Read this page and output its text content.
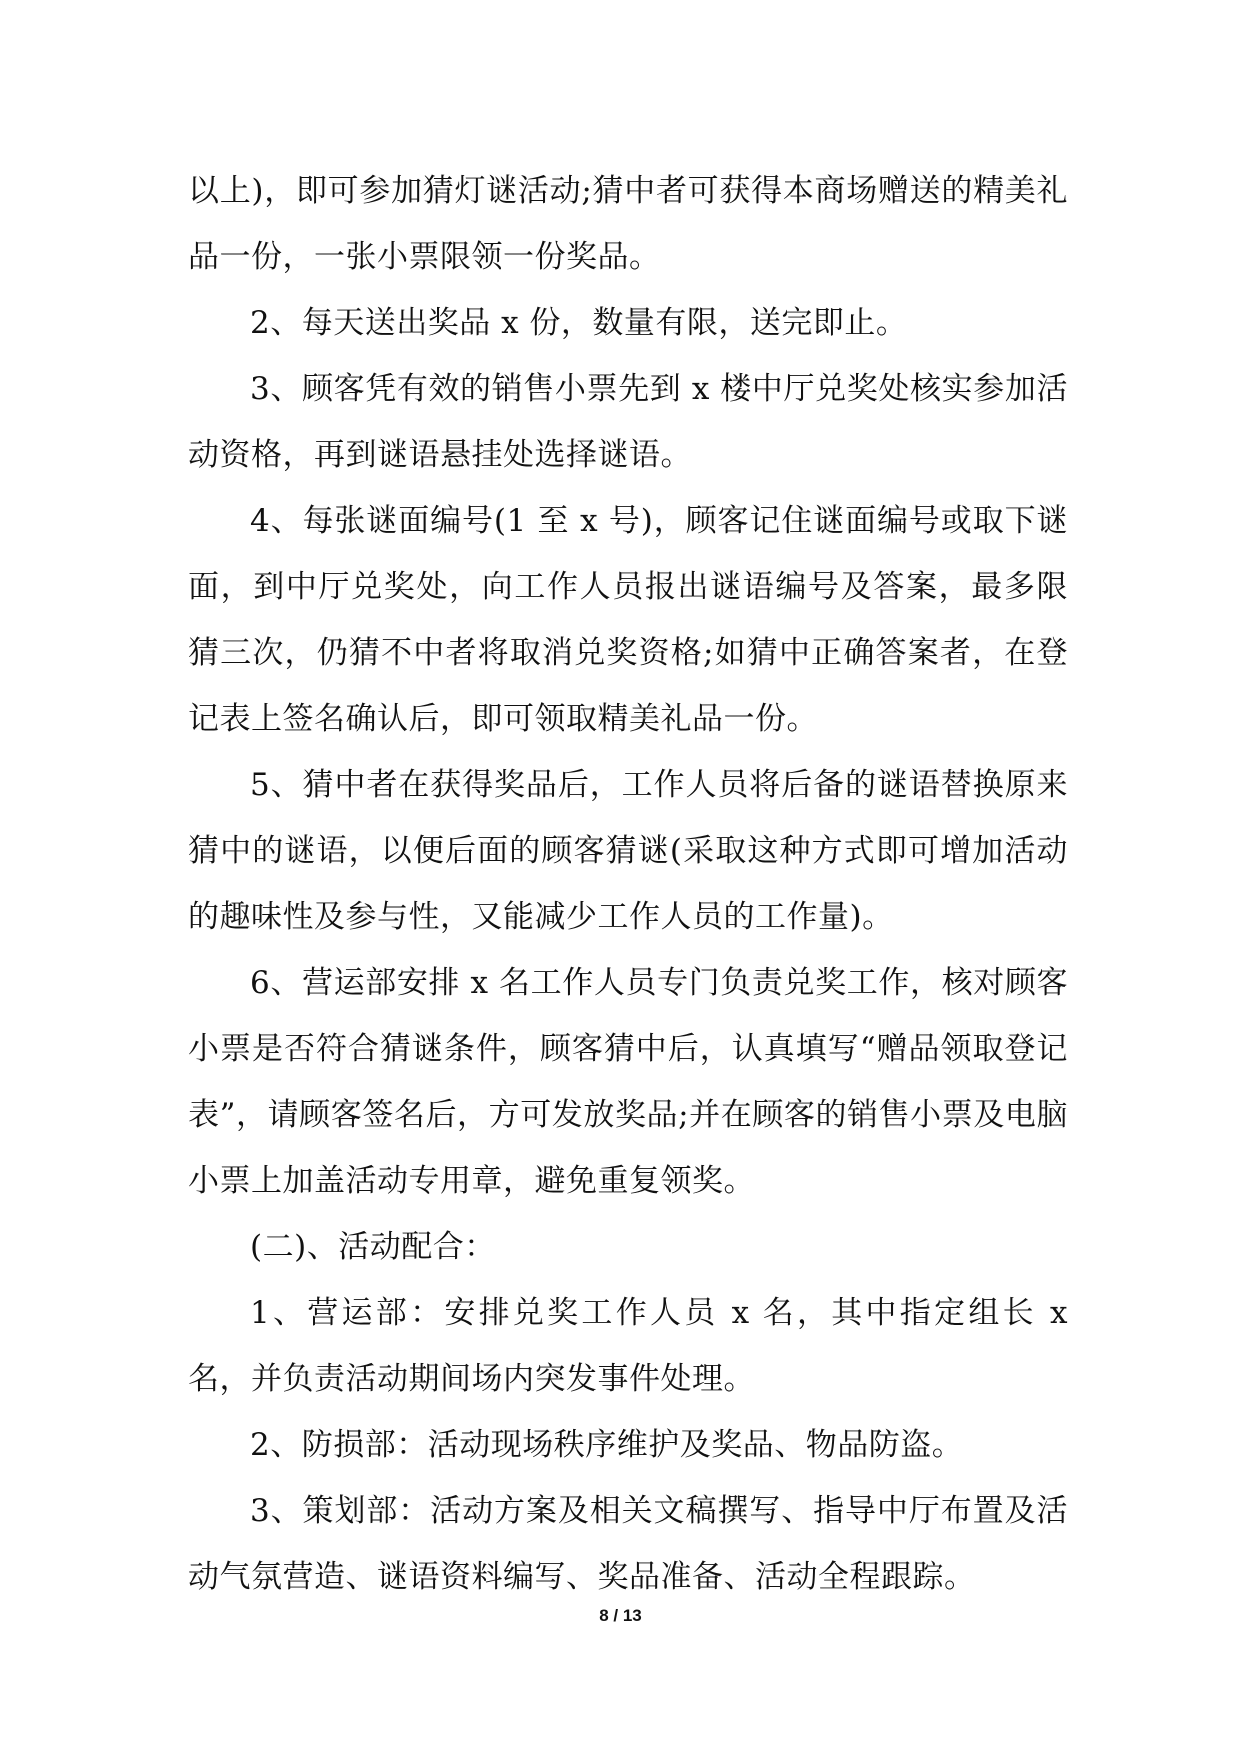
以上)，即可参加猜灯谜活动;猜中者可获得本商场赠送的精美礼品一份，一张小票限领一份奖品。

2、每天送出奖品 x 份，数量有限，送完即止。

3、顾客凭有效的销售小票先到 x 楼中厅兑奖处核实参加活动资格，再到谜语悬挂处选择谜语。

4、每张谜面编号(1 至 x 号)，顾客记住谜面编号或取下谜面，到中厅兑奖处，向工作人员报出谜语编号及答案，最多限猜三次，仍猜不中者将取消兑奖资格;如猜中正确答案者，在登记表上签名确认后，即可领取精美礼品一份。

5、猜中者在获得奖品后，工作人员将后备的谜语替换原来猜中的谜语，以便后面的顾客猜谜(采取这种方式即可增加活动的趣味性及参与性，又能减少工作人员的工作量)。

6、营运部安排 x 名工作人员专门负责兑奖工作，核对顾客小票是否符合猜谜条件，顾客猜中后，认真填写“赠品领取登记表”，请顾客签名后，方可发放奖品;并在顾客的销售小票及电脑小票上加盖活动专用章，避免重复领奖。

(二)、活动配合：

1、营运部：安排兑奖工作人员 x 名，其中指定组长 x 名，并负责活动期间场内突发事件处理。

2、防损部：活动现场秩序维护及奖品、物品防盗。

3、策划部：活动方案及相关文稿撰写、指导中厅布置及活动气氛营造、谜语资料编写、奖品准备、活动全程跟踪。

8 / 13
